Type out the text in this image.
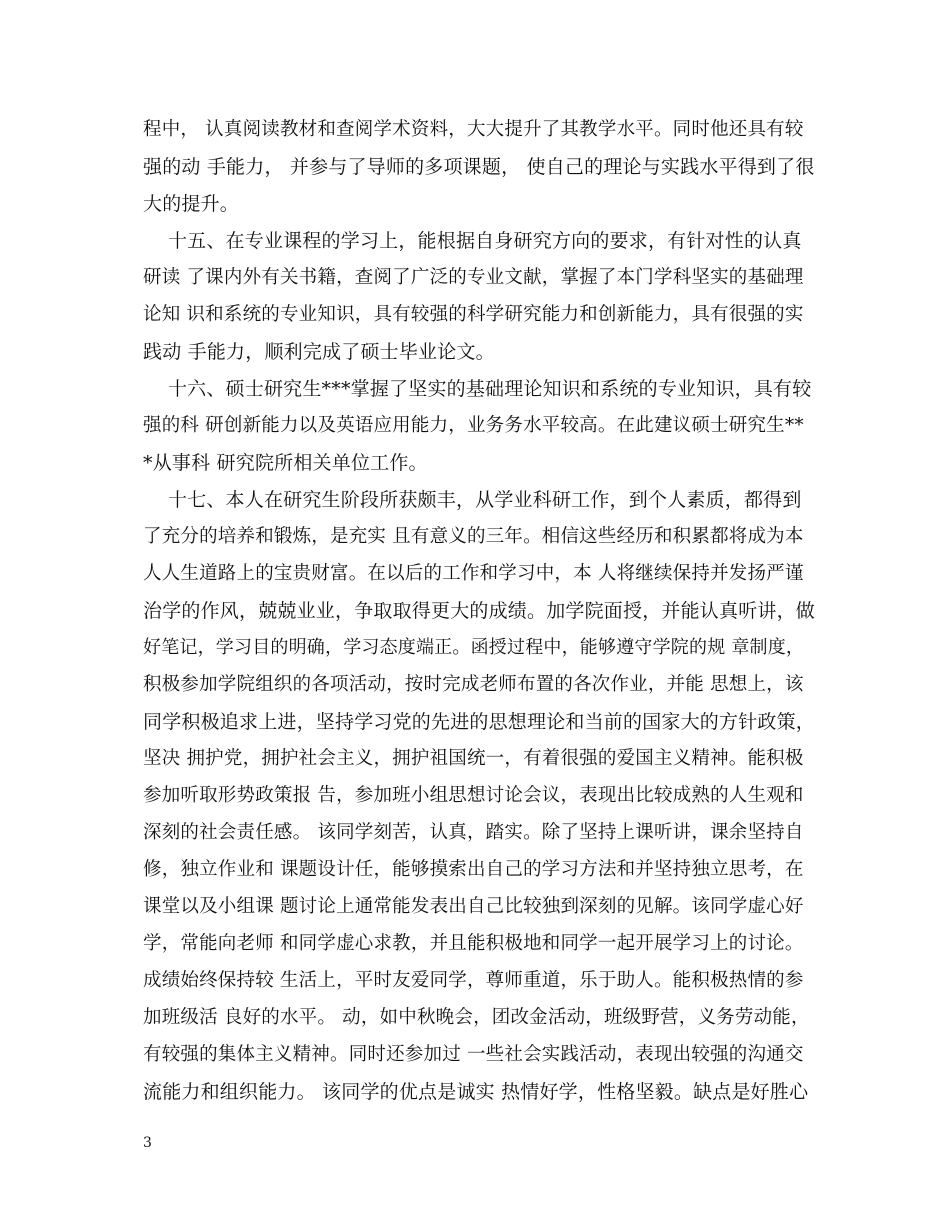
程中， 认真阅读教材和查阅学术资料，大大提升了其教学水平。同时他还具有较
强的动 手能力， 并参与了导师的多项课题， 使自己的理论与实践水平得到了很
大的提升。
十五、在专业课程的学习上，能根据自身研究方向的要求，有针对性的认真
研读 了课内外有关书籍，查阅了广泛的专业文献，掌握了本门学科坚实的基础理
论知 识和系统的专业知识，具有较强的科学研究能力和创新能力，具有很强的实
践动 手能力，顺利完成了硕士毕业论文。
十六、硕士研究生***掌握了坚实的基础理论知识和系统的专业知识，具有较
强的科 研创新能力以及英语应用能力，业务务水平较高。在此建议硕士研究生**
*从事科 研究院所相关单位工作。
十七、本人在研究生阶段所获颇丰，从学业科研工作，到个人素质，都得到
了充分的培养和锻炼，是充实 且有意义的三年。相信这些经历和积累都将成为本
人人生道路上的宝贵财富。在以后的工作和学习中，本 人将继续保持并发扬严谨
治学的作风，兢兢业业，争取取得更大的成绩。加学院面授，并能认真听讲，做
好笔记，学习目的明确，学习态度端正。函授过程中，能够遵守学院的规 章制度，
积极参加学院组织的各项活动，按时完成老师布置的各次作业，并能 思想上，该
同学积极追求上进，坚持学习党的先进的思想理论和当前的国家大的方针政策，
坚决 拥护党，拥护社会主义，拥护祖国统一，有着很强的爱国主义精神。能积极
参加听取形势政策报 告，参加班小组思想讨论会议，表现出比较成熟的人生观和
深刻的社会责任感。 该同学刻苦，认真，踏实。除了坚持上课听讲，课余坚持自
修，独立作业和 课题设计任，能够摸索出自己的学习方法和并坚持独立思考，在
课堂以及小组课 题讨论上通常能发表出自己比较独到深刻的见解。该同学虚心好
学，常能向老师 和同学虚心求教，并且能积极地和同学一起开展学习上的讨论。
成绩始终保持较 生活上，平时友爱同学，尊师重道，乐于助人。能积极热情的参
加班级活 良好的水平。 动，如中秋晚会，团改金活动，班级野营，义务劳动能，
有较强的集体主义精神。同时还参加过 一些社会实践活动，表现出较强的沟通交
流能力和组织能力。 该同学的优点是诚实 热情好学，性格坚毅。缺点是好胜心
3
